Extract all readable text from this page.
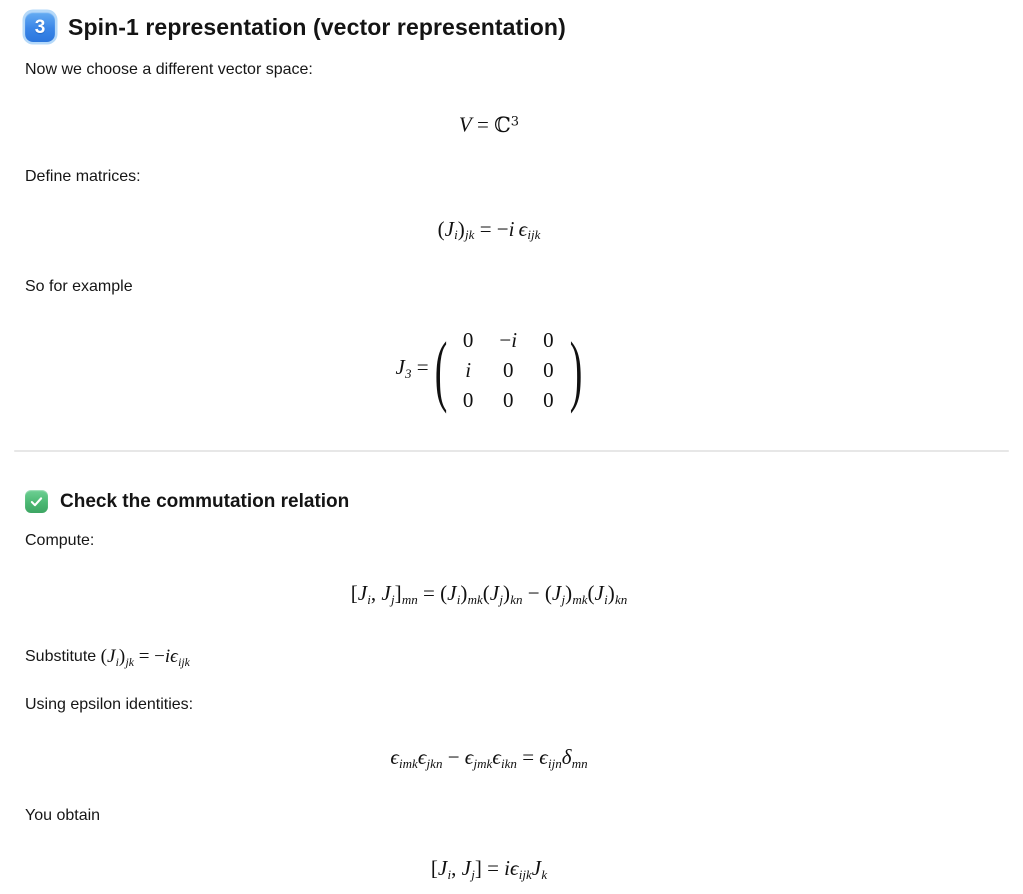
3 Spin-1 representation (vector representation)

Now we choose a different vector space:

V = ℂ$^3$

Define matrices:

(Ji)jk = −i ϵijk

So for example

J3 = ( 0	−i	0
i	0	0
0	0	0 )
Check the commutation relation

Compute:

[Ji, Jj]mn = (Ji)mk(Jj)kn − (Jj)mk(Ji)kn

Substitute (Ji)jk = −iϵijk

Using epsilon identities:

ϵimkϵjkn − ϵjmkϵikn = ϵijnδmn

You obtain

[Ji, Jj] = iϵijkJk
